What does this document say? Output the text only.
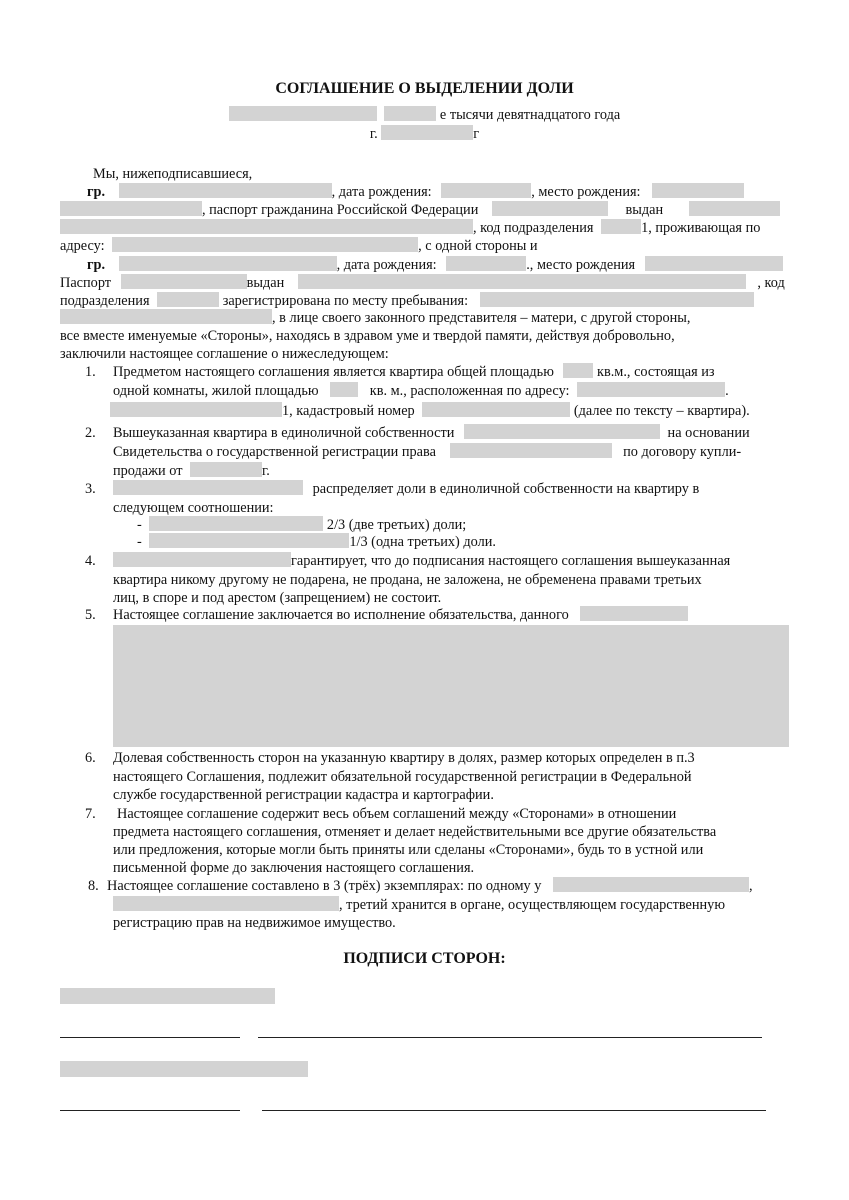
СОГЛАШЕНИЕ О ВЫДЕЛЕНИИ ДОЛИ
е тысячи девятнадцатого года
г.	г
Мы, нижеподписавшиеся,
гр.	, дата рождения:	, место рождения:
, паспорт гражданина Российской Федерации	выдан
, код подразделения	1, проживающая по
адресу:	, с одной стороны и
гр.	, дата рождения:	., место рождения
Паспорт	выдан	, код
подразделения	зарегистрирована по месту пребывания:
, в лице своего законного представителя – матери, с другой стороны,
все вместе именуемые «Стороны», находясь в здравом уме и твердой памяти, действуя добровольно,
заключили настоящее соглашение о нижеследующем:
1. Предметом настоящего соглашения является квартира общей площадью	кв.м., состоящая из
одной комнаты, жилой площадью	кв. м., расположенная по адресу:	.
1, кадастровый номер	(далее по тексту – квартира).
2. Вышеуказанная квартира в единоличной собственности	на основании
Свидетельства о государственной регистрации права	по договору купли-
продажи от	г.
3.	распределяет доли в единоличной собственности на квартиру в
следующем соотношении:
-	2/3 (две третьих) доли;
-	1/3 (одна третьих) доли.
4.	гарантирует, что до подписания настоящего соглашения вышеуказанная
квартира никому другому не подарена, не продана, не заложена, не обременена правами третьих
лиц, в споре и под арестом (запрещением) не состоит.
5. Настоящее соглашение заключается во исполнение обязательства, данного
6. Долевая собственность сторон на указанную квартиру в долях, размер которых определен в п.3
настоящего Соглашения, подлежит обязательной государственной регистрации в Федеральной
службе государственной регистрации кадастра и картографии.
7. Настоящее соглашение содержит весь объем соглашений между «Сторонами» в отношении
предмета настоящего соглашения, отменяет и делает недействительными все другие обязательства
или предложения, которые могли быть приняты или сделаны «Сторонами», будь то в устной или
письменной форме до заключения настоящего соглашения.
8. Настоящее соглашение составлено в 3 (трёх) экземплярах: по одному у	,
, третий хранится в органе, осуществляющем государственную
регистрацию прав на недвижимое имущество.
ПОДПИСИ СТОРОН:
